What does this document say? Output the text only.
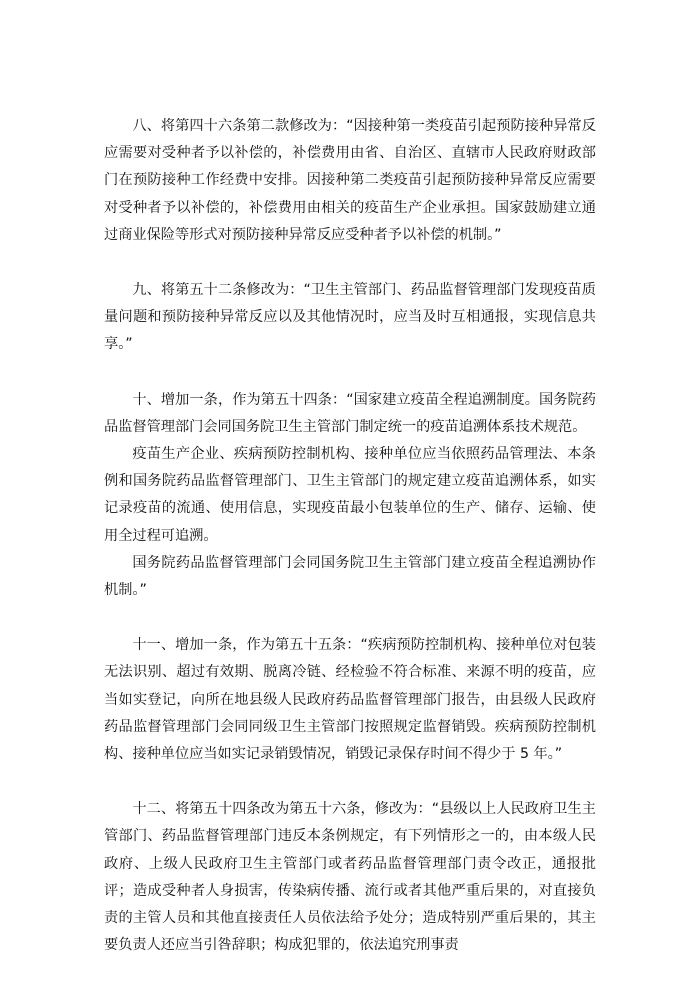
八、将第四十六条第二款修改为：“因接种第一类疫苗引起预防接种异常反应需要对受种者予以补偿的，补偿费用由省、自治区、直辖市人民政府财政部门在预防接种工作经费中安排。因接种第二类疫苗引起预防接种异常反应需要对受种者予以补偿的，补偿费用由相关的疫苗生产企业承担。国家鼓励建立通过商业保险等形式对预防接种异常反应受种者予以补偿的机制。”

九、将第五十二条修改为：“卫生主管部门、药品监督管理部门发现疫苗质量问题和预防接种异常反应以及其他情况时，应当及时互相通报，实现信息共享。”

十、增加一条，作为第五十四条：“国家建立疫苗全程追溯制度。国务院药品监督管理部门会同国务院卫生主管部门制定统一的疫苗追溯体系技术规范。

疫苗生产企业、疾病预防控制机构、接种单位应当依照药品管理法、本条例和国务院药品监督管理部门、卫生主管部门的规定建立疫苗追溯体系，如实记录疫苗的流通、使用信息，实现疫苗最小包装单位的生产、储存、运输、使用全过程可追溯。

国务院药品监督管理部门会同国务院卫生主管部门建立疫苗全程追溯协作机制。”

十一、增加一条，作为第五十五条：“疾病预防控制机构、接种单位对包装无法识别、超过有效期、脱离冷链、经检验不符合标准、来源不明的疫苗，应当如实登记，向所在地县级人民政府药品监督管理部门报告，由县级人民政府药品监督管理部门会同同级卫生主管部门按照规定监督销毁。疾病预防控制机构、接种单位应当如实记录销毁情况，销毁记录保存时间不得少于 5 年。”

十二、将第五十四条改为第五十六条，修改为：“县级以上人民政府卫生主管部门、药品监督管理部门违反本条例规定，有下列情形之一的，由本级人民政府、上级人民政府卫生主管部门或者药品监督管理部门责令改正，通报批评；造成受种者人身损害，传染病传播、流行或者其他严重后果的，对直接负责的主管人员和其他直接责任人员依法给予处分；造成特别严重后果的，其主要负责人还应当引咎辞职；构成犯罪的，依法追究刑事责
